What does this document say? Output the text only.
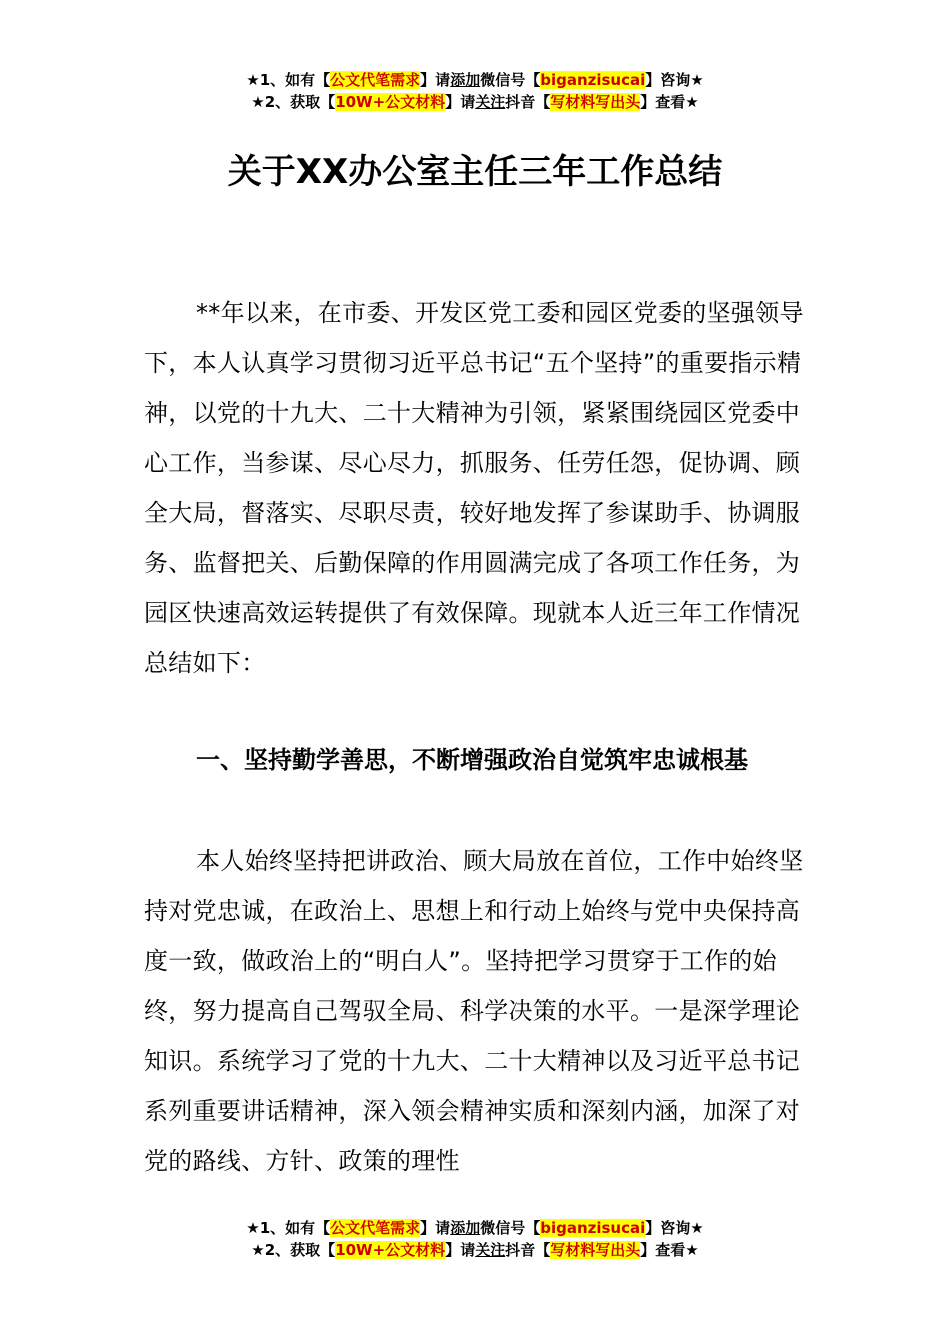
★1、如有【公文代笔需求】请添加微信号【biganzisucai】咨询★
★2、获取【10W+公文材料】请关注抖音【写材料写出头】查看★
关于XX办公室主任三年工作总结

**年以来，在市委、开发区党工委和园区党委的坚强领导下，本人认真学习贯彻习近平总书记“五个坚持”的重要指示精神，以党的十九大、二十大精神为引领，紧紧围绕园区党委中心工作，当参谋、尽心尽力，抓服务、任劳任怨，促协调、顾全大局，督落实、尽职尽责，较好地发挥了参谋助手、协调服务、监督把关、后勤保障的作用圆满完成了各项工作任务，为园区快速高效运转提供了有效保障。现就本人近三年工作情况总结如下：

一、坚持勤学善思，不断增强政治自觉筑牢忠诚根基

本人始终坚持把讲政治、顾大局放在首位，工作中始终坚持对党忠诚，在政治上、思想上和行动上始终与党中央保持高度一致，做政治上的“明白人”。坚持把学习贯穿于工作的始终，努力提高自己驾驭全局、科学决策的水平。一是深学理论知识。系统学习了党的十九大、二十大精神以及习近平总书记系列重要讲话精神，深入领会精神实质和深刻内涵，加深了对党的路线、方针、政策的理性

★1、如有【公文代笔需求】请添加微信号【biganzisucai】咨询★
★2、获取【10W+公文材料】请关注抖音【写材料写出头】查看★
